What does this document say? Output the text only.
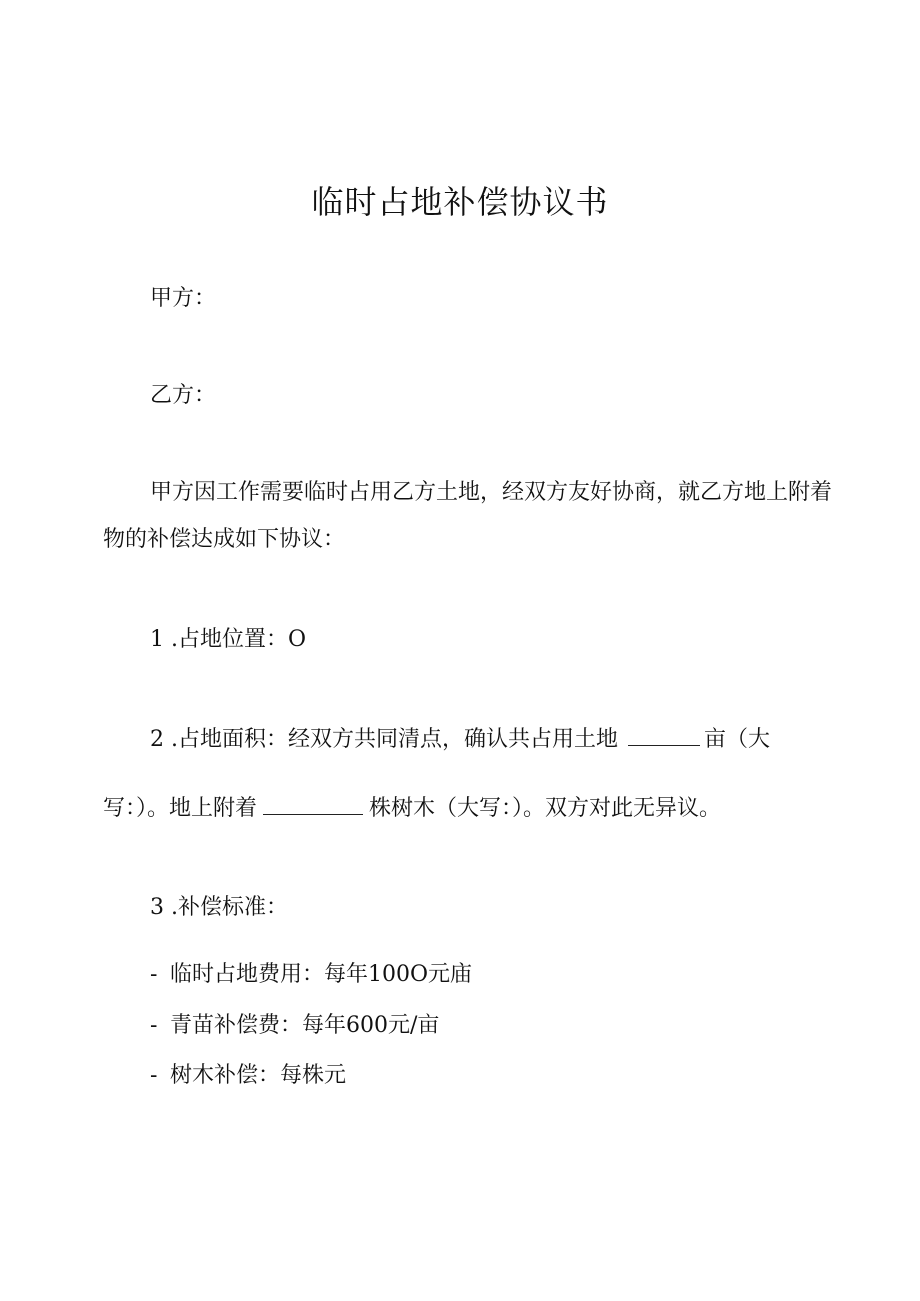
临时占地补偿协议书
甲方：
乙方：
甲方因工作需要临时占用乙方土地，经双方友好协商，就乙方地上附着
物的补偿达成如下协议：
1 .占地位置：O
2 .占地面积：经双方共同清点，确认共占用土地	亩（大
写：）。地上附着	株树木（大写：）。双方对此无异议。
3 .补偿标准：
- 临时占地费用：每年100O元庙
- 青苗补偿费：每年600元/亩
- 树木补偿：每株元
